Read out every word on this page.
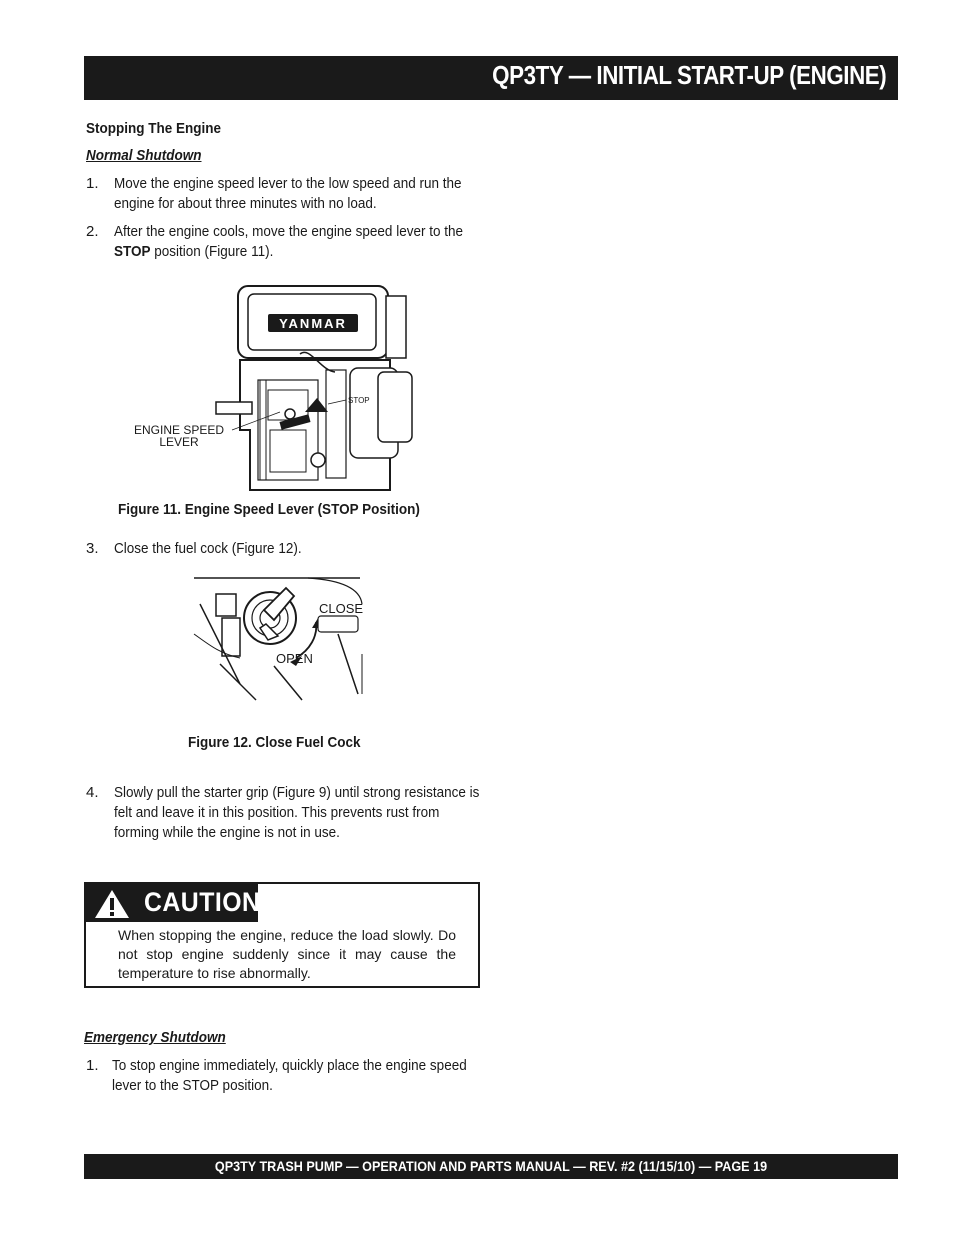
QP3TY — INITIAL START-UP (ENGINE)
Stopping The Engine
Normal Shutdown
1. Move the engine speed lever to the low speed and run the engine for about three minutes with no load.
2. After the engine cools, move the engine speed lever to the STOP position (Figure 11).
YANMAR
STOP
ENGINE SPEED
LEVER
Figure 11. Engine Speed Lever (STOP Position)
3. Close the fuel cock (Figure 12).
CLOSE
OPEN
Figure 12. Close Fuel Cock
4. Slowly pull the starter grip (Figure 9) until strong resistance is felt and leave it in this position. This prevents rust from forming while the engine is not in use.
CAUTION
When stopping the engine, reduce the load slowly. Do not stop engine suddenly since it may cause the temperature to rise abnormally.
Emergency Shutdown
1. To stop engine immediately, quickly place the engine speed lever to the STOP position.
QP3TY TRASH PUMP — OPERATION AND PARTS MANUAL — REV. #2 (11/15/10) — PAGE 19
